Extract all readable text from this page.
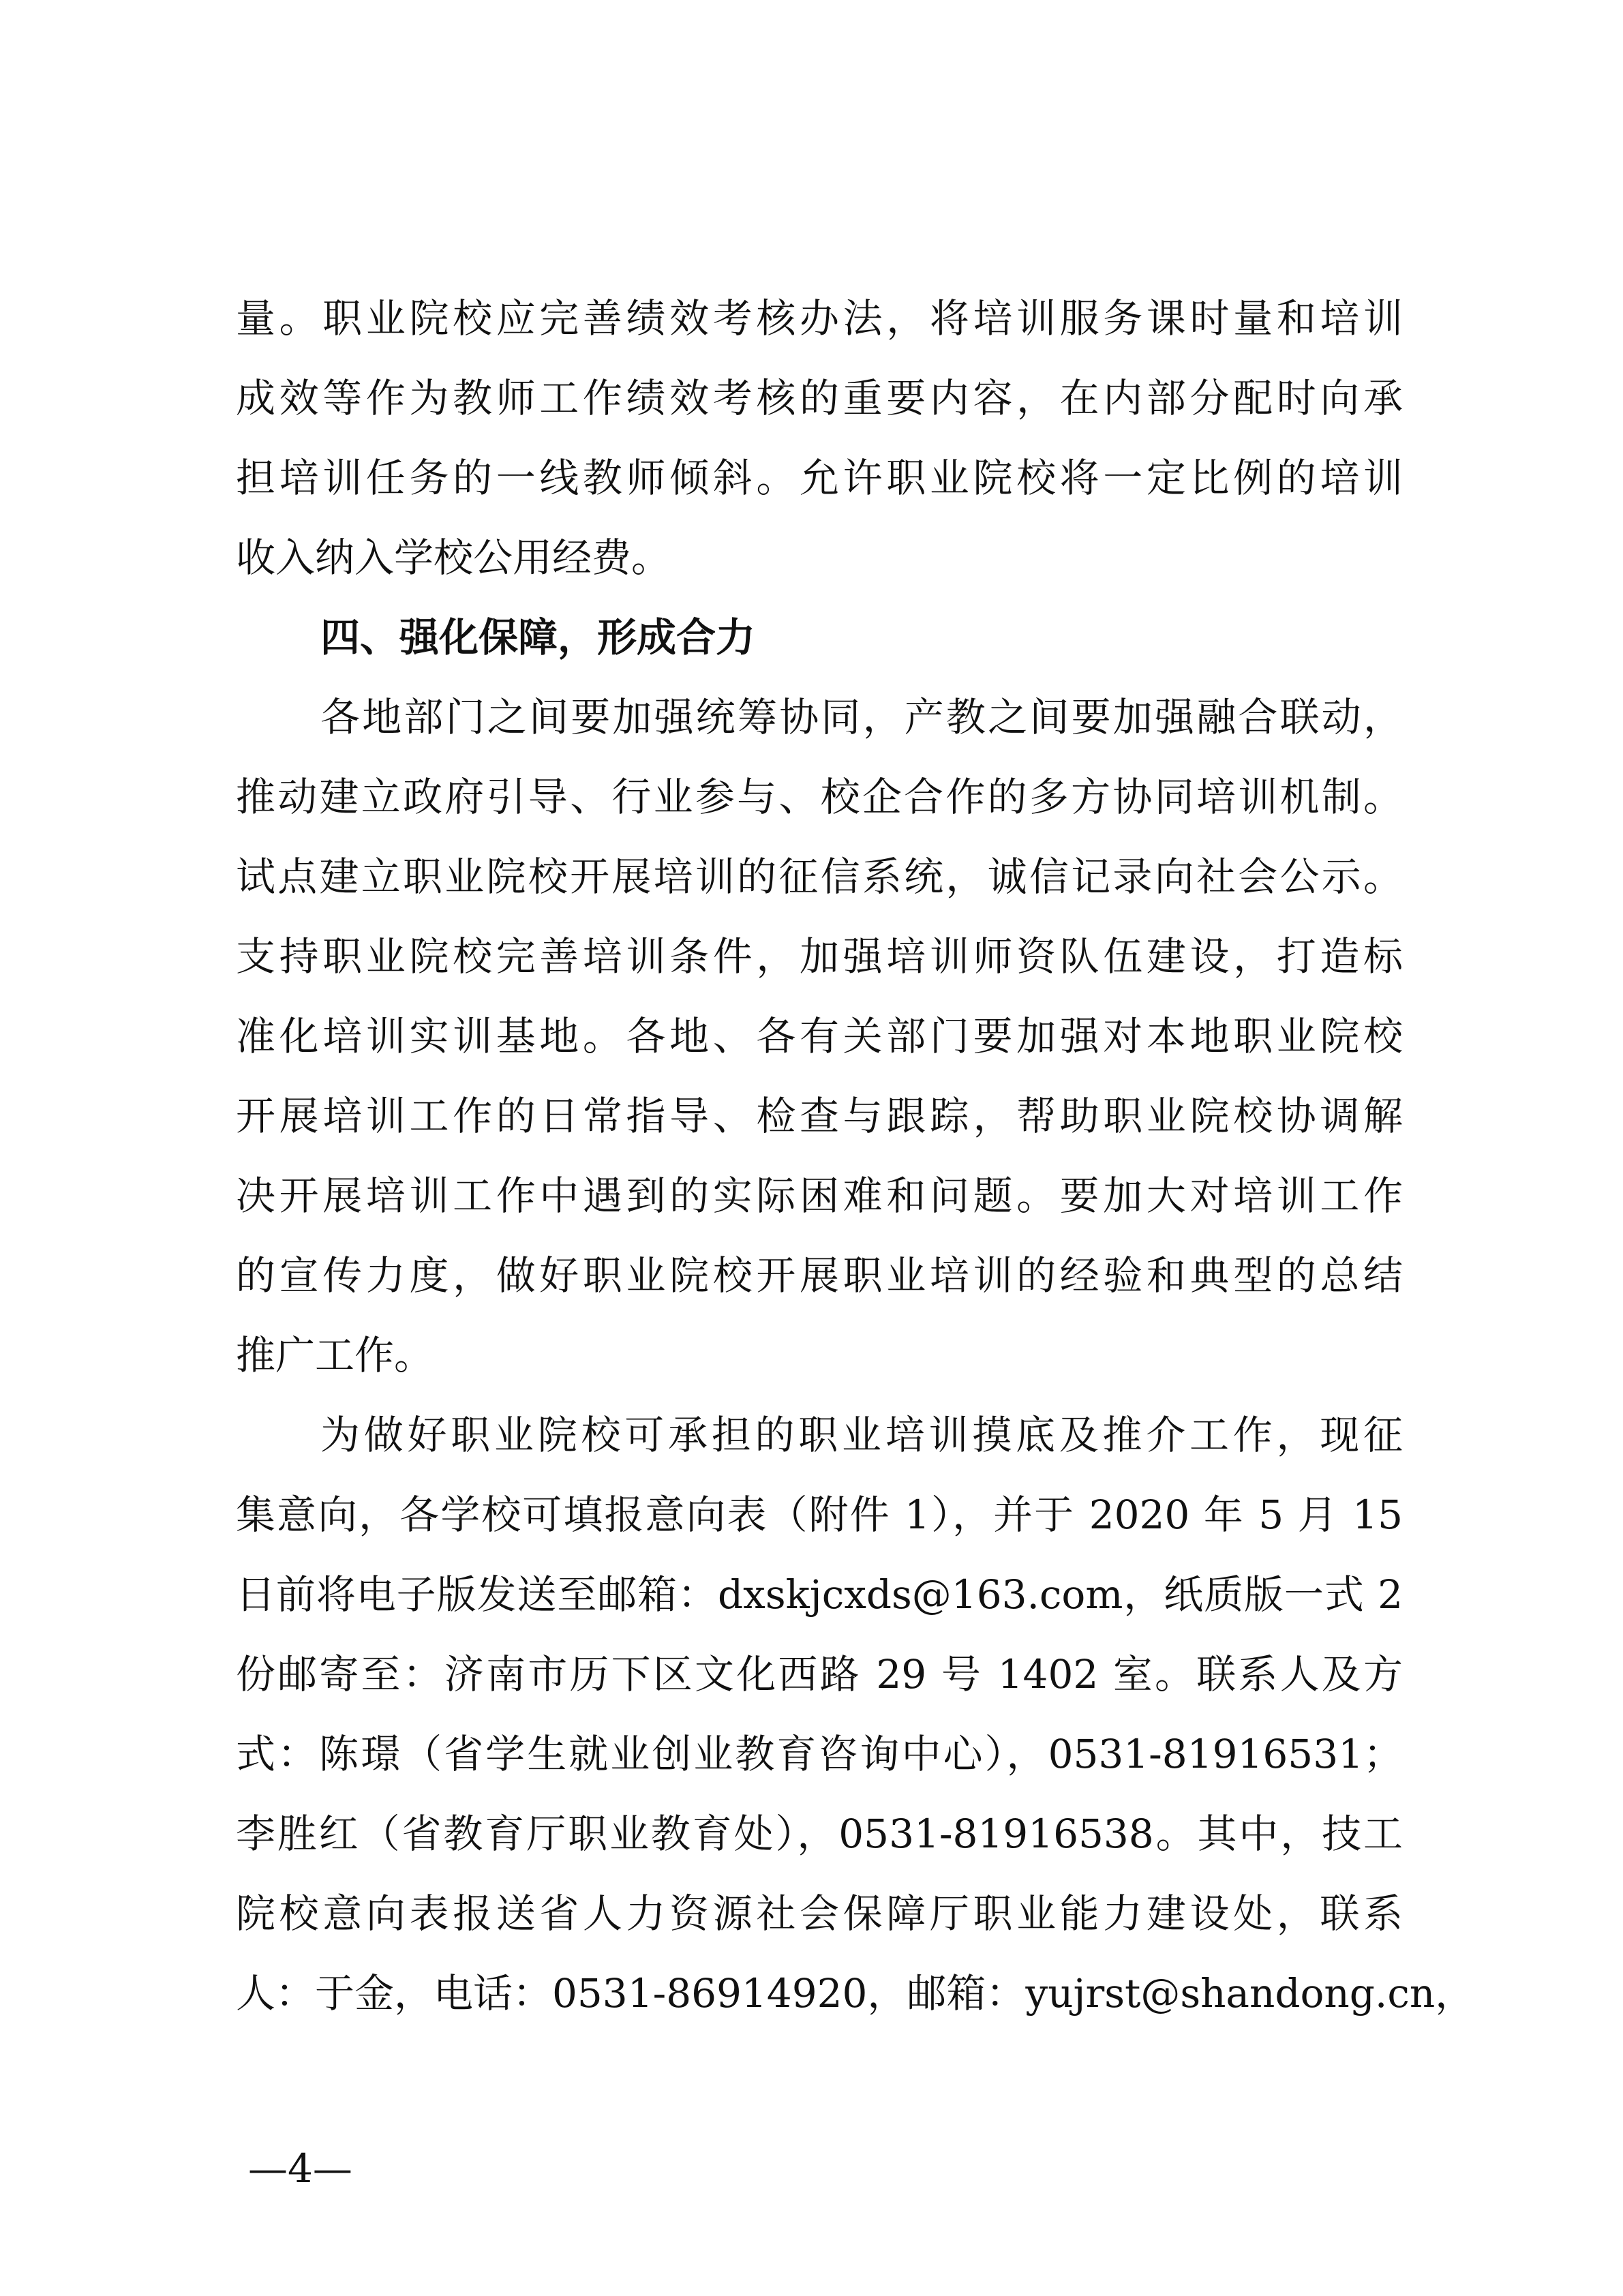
量。职业院校应完善绩效考核办法，将培训服务课时量和培训
成效等作为教师工作绩效考核的重要内容，在内部分配时向承
担培训任务的一线教师倾斜。允许职业院校将一定比例的培训
收入纳入学校公用经费。
四、强化保障，形成合力
各地部门之间要加强统筹协同，产教之间要加强融合联动，
推动建立政府引导、行业参与、校企合作的多方协同培训机制。
试点建立职业院校开展培训的征信系统，诚信记录向社会公示。
支持职业院校完善培训条件，加强培训师资队伍建设，打造标
准化培训实训基地。各地、各有关部门要加强对本地职业院校
开展培训工作的日常指导、检查与跟踪，帮助职业院校协调解
决开展培训工作中遇到的实际困难和问题。要加大对培训工作
的宣传力度，做好职业院校开展职业培训的经验和典型的总结
推广工作。
为做好职业院校可承担的职业培训摸底及推介工作，现征
集意向，各学校可填报意向表（附件 1），并于 2020 年 5 月 15
日前将电子版发送至邮箱：dxskjcxds@163.com，纸质版一式 2
份邮寄至：济南市历下区文化西路 29 号 1402 室。联系人及方
式：陈璟（省学生就业创业教育咨询中心），0531-81916531；
李胜红（省教育厅职业教育处），0531-81916538。其中，技工
院校意向表报送省人力资源社会保障厅职业能力建设处，联系
人：于金，电话：0531-86914920，邮箱：yujrst@shandong.cn，
—4—
